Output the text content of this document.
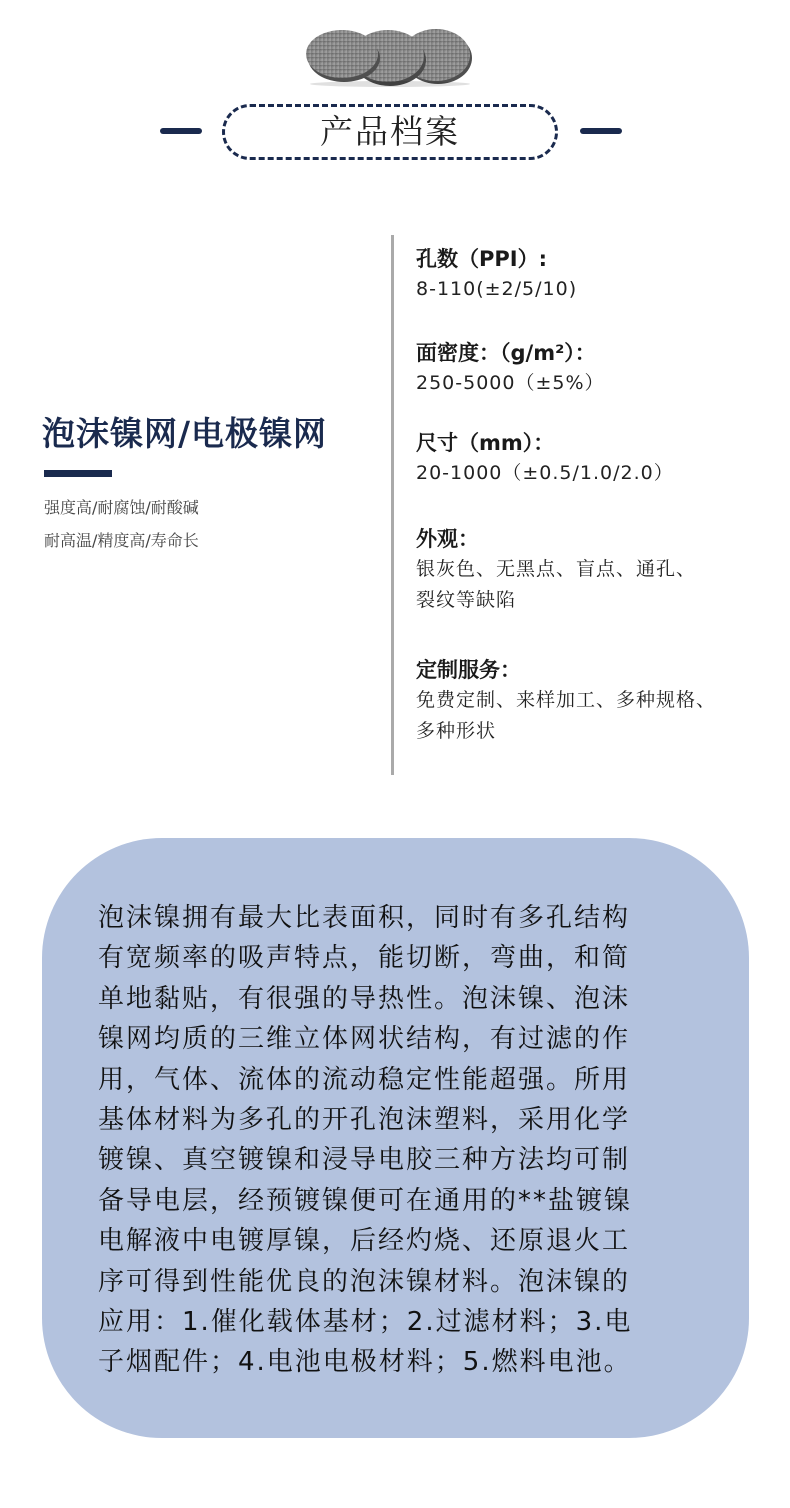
产品档案
泡沫镍网/电极镍网
强度高/耐腐蚀/耐酸碱
耐高温/精度高/寿命长
孔数（PPI）:
8-110(±2/5/10)
面密度：（g/m²）：
250-5000（±5%）
尺寸（mm）：
20-1000（±0.5/1.0/2.0）
外观：
银灰色、无黑点、盲点、通孔、
裂纹等缺陷
定制服务：
免费定制、来样加工、多种规格、
多种形状
泡沫镍拥有最大比表面积，同时有多孔结构
有宽频率的吸声特点，能切断，弯曲，和简
单地黏贴，有很强的导热性。泡沫镍、泡沫
镍网均质的三维立体网状结构，有过滤的作
用，气体、流体的流动稳定性能超强。所用
基体材料为多孔的开孔泡沫塑料，采用化学
镀镍、真空镀镍和浸导电胶三种方法均可制
备导电层，经预镀镍便可在通用的**盐镀镍
电解液中电镀厚镍，后经灼烧、还原退火工
序可得到性能优良的泡沫镍材料。泡沫镍的
应用：1.催化载体基材；2.过滤材料；3.电
子烟配件；4.电池电极材料；5.燃料电池。
